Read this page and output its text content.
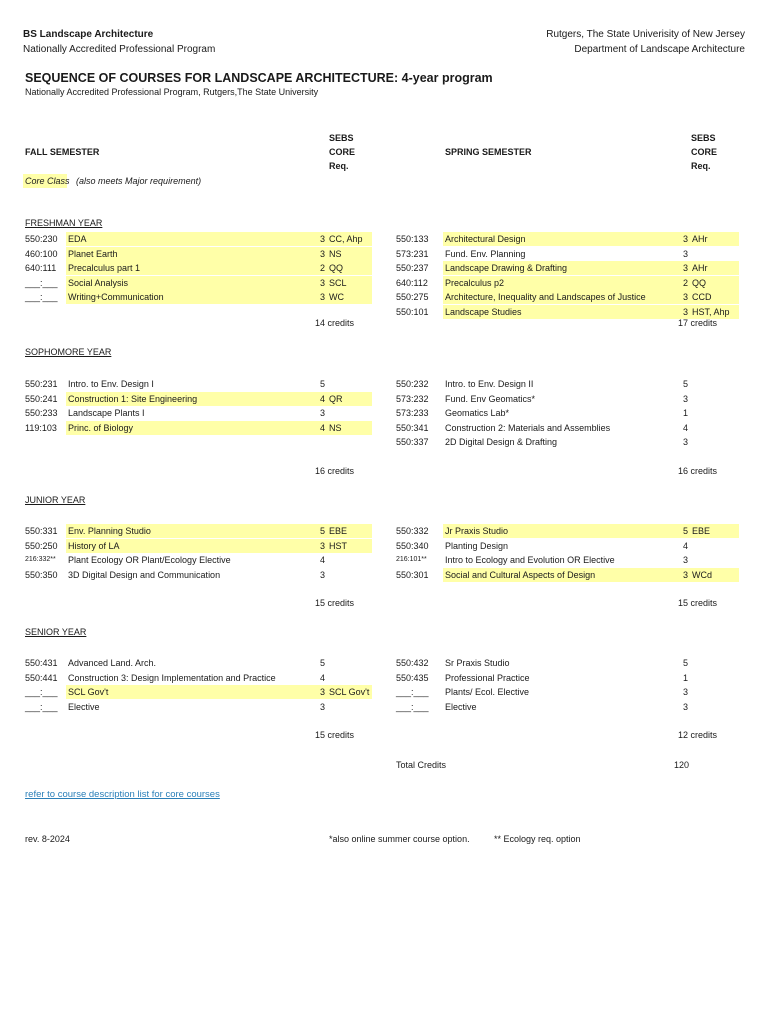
BS Landscape Architecture
Nationally Accredited Professional Program
Rutgers, The State Univerisity of New Jersey
Department of Landscape Architecture
SEQUENCE OF COURSES FOR LANDSCAPE ARCHITECTURE: 4-year program
Nationally Accredited Professional Program, Rutgers,The State University
SEBS
CORE
Req.
SEBS
CORE
Req.
FALL SEMESTER	SPRING SEMESTER
Core Class (also meets Major requirement)
FRESHMAN YEAR
550:230 EDA	3 CC, Ahp
460:100 Planet Earth	3 NS
640:111 Precalculus part 1	2 QQ
___:___ Social Analysis	3 SCL
___:___ Writing+Communication	3 WC
14 credits
550:133 Architectural Design	3 AHr
573:231 Fund. Env. Planning	3
550:237 Landscape Drawing & Drafting	3 AHr
640:112 Precalculus p2	2 QQ
550:275 Architecture, Inequality and Landscapes of Justice	3 CCD
550:101 Landscape Studies	3 HST, Ahp
17 credits
SOPHOMORE YEAR
550:231 Intro. to Env. Design I	5
550:241 Construction 1: Site Engineering	4 QR
550:233 Landscape Plants I	3
119:103 Princ. of Biology	4 NS
16 credits
550:232 Intro. to Env. Design II	5
573:232 Fund. Env Geomatics*	3
573:233 Geomatics Lab*	1
550:341 Construction 2: Materials and Assemblies	4
550:337 2D Digital Design & Drafting	3
16 credits
JUNIOR YEAR
550:331 Env. Planning Studio	5 EBE
550:250 History of LA	3 HST
216:332** Plant Ecology OR Plant/Ecology Elective	4
550:350 3D Digital Design and Communication	3
15 credits
550:332 Jr Praxis Studio	5 EBE
550:340 Planting Design	4
216:101** Intro to Ecology and Evolution OR Elective	3
550:301 Social and Cultural Aspects of Design	3 WCd
15 credits
SENIOR YEAR
550:431 Advanced Land. Arch.	5
550:441 Construction 3: Design Implementation and Practice	4
___:___ SCL Gov't	3 SCL Gov't
___:___ Elective	3
15 credits
550:432 Sr Praxis Studio	5
550:435 Professional Practice	1
___:___ Plants/ Ecol. Elective	3
___:___ Elective	3
12 credits
Total Credits	120
refer to course description list for core courses
rev. 8-2024	*also online summer course option.	** Ecology req. option
